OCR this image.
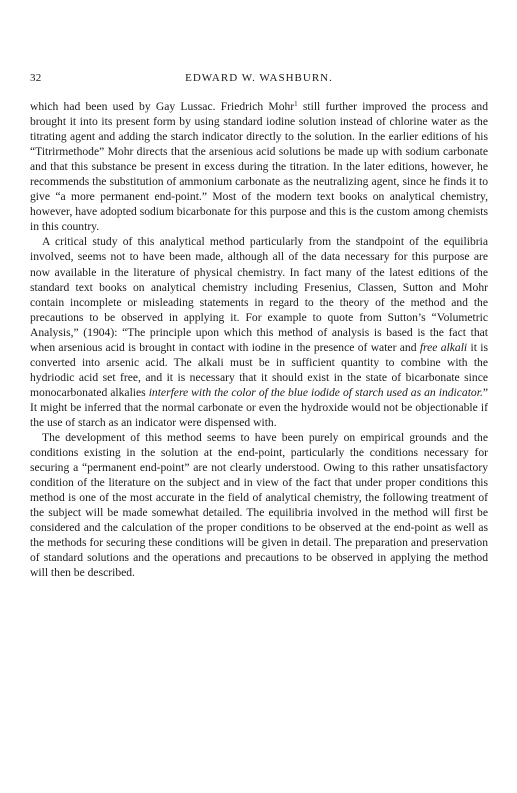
32	EDWARD W. WASHBURN.

which had been used by Gay Lussac. Friedrich Mohr$^1$ still further improved the process and brought it into its present form by using standard iodine solution instead of chlorine water as the titrating agent and adding the starch indicator directly to the solution. In the earlier editions of his “Titrirmethode” Mohr directs that the arsenious acid solutions be made up with sodium carbonate and that this substance be present in excess during the titration. In the later editions, however, he recommends the substitution of ammonium carbonate as the neutralizing agent, since he finds it to give “a more permanent end-point.” Most of the modern text books on analytical chemistry, however, have adopted sodium bicarbonate for this purpose and this is the custom among chemists in this country.

A critical study of this analytical method particularly from the standpoint of the equilibria involved, seems not to have been made, although all of the data necessary for this purpose are now available in the literature of physical chemistry. In fact many of the latest editions of the standard text books on analytical chemistry including Fresenius, Classen, Sutton and Mohr contain incomplete or misleading statements in regard to the theory of the method and the precautions to be observed in applying it. For example to quote from Sutton’s “Volumetric Analysis,” (1904): “The principle upon which this method of analysis is based is the fact that when arsenious acid is brought in contact with iodine in the presence of water and free alkali it is converted into arsenic acid. The alkali must be in sufficient quantity to combine with the hydriodic acid set free, and it is necessary that it should exist in the state of bicarbonate since monocarbonated alkalies interfere with the color of the blue iodide of starch used as an indicator.” It might be inferred that the normal carbonate or even the hydroxide would not be objectionable if the use of starch as an indicator were dispensed with.

The development of this method seems to have been purely on empirical grounds and the conditions existing in the solution at the end-point, particularly the conditions necessary for securing a “permanent end-point” are not clearly understood. Owing to this rather unsatisfactory condition of the literature on the subject and in view of the fact that under proper conditions this method is one of the most accurate in the field of analytical chemistry, the following treatment of the subject will be made somewhat detailed. The equilibria involved in the method will first be considered and the calculation of the proper conditions to be observed at the end-point as well as the methods for securing these conditions will be given in detail. The preparation and preservation of standard solutions and the operations and precautions to be observed in applying the method will then be described.
